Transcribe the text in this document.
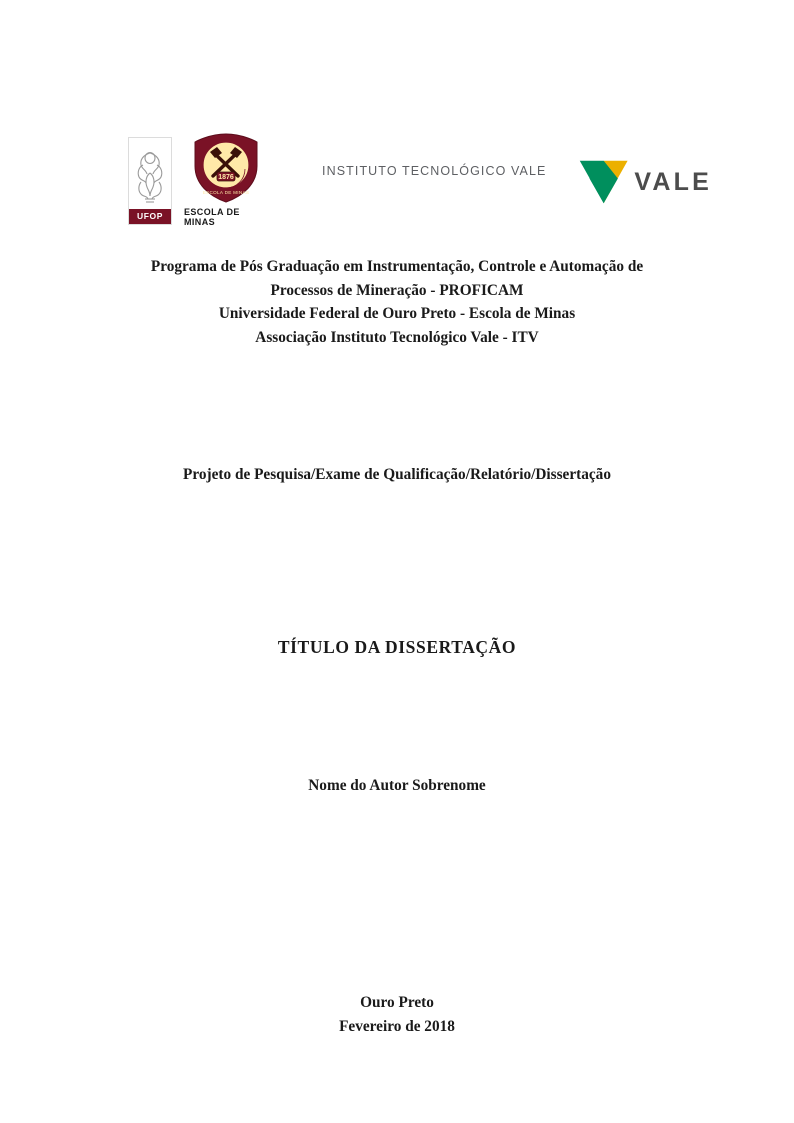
UFOP
1876
ESCOLA DE MINAS
ESCOLA DE MINAS
INSTITUTO TECNOLÓGICO VALE	VALE
Programa de Pós Graduação em Instrumentação, Controle e Automação de
Processos de Mineração - PROFICAM
Universidade Federal de Ouro Preto - Escola de Minas
Associação Instituto Tecnológico Vale - ITV
Projeto de Pesquisa/Exame de Qualificação/Relatório/Dissertação
TÍTULO DA DISSERTAÇÃO
Nome do Autor Sobrenome
Ouro Preto
Fevereiro de 2018
